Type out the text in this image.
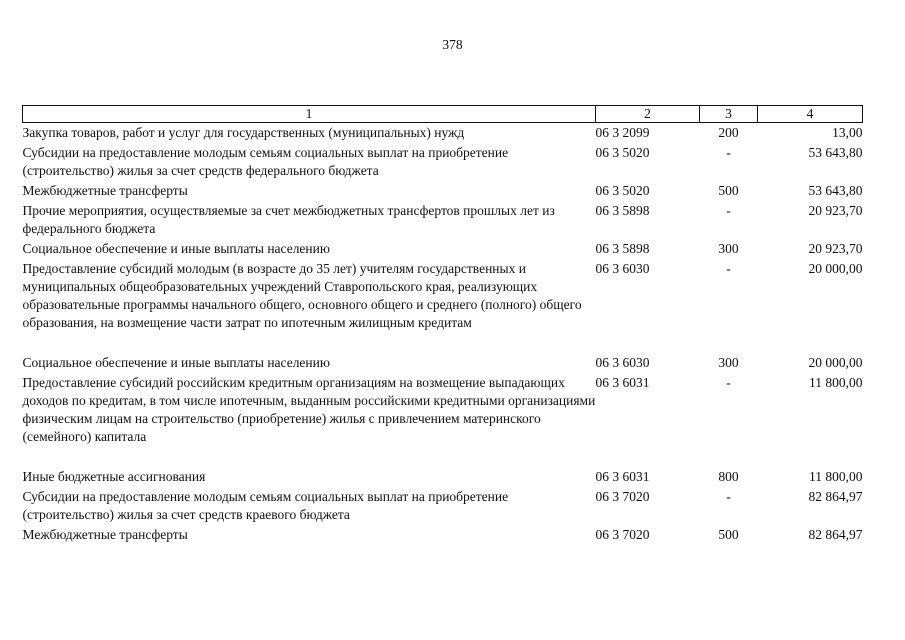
378
1	2	3	4
Закупка товаров, работ и услуг для государственных (муниципальных) нужд	06 3 2099	200	13,00
Субсидии на предоставление молодым семьям социальных выплат на приобретение (строительство) жилья за счет средств федерального бюджета	06 3 5020	-	53 643,80
Межбюджетные трансферты	06 3 5020	500	53 643,80
Прочие мероприятия, осуществляемые за счет межбюджетных трансфертов прошлых лет из федерального бюджета	06 3 5898	-	20 923,70
Социальное обеспечение и иные выплаты населению	06 3 5898	300	20 923,70
Предоставление субсидий молодым (в возрасте до 35 лет) учителям государственных и муниципальных общеобразовательных учреждений Ставропольского края, реализующих образовательные программы начального общего, основного общего и среднего (полного) общего образования, на возмещение части затрат по ипотечным жилищным кредитам	06 3 6030	-	20 000,00

Социальное обеспечение и иные выплаты населению	06 3 6030	300	20 000,00
Предоставление субсидий российским кредитным организациям на возмещение выпадающих доходов по кредитам, в том числе ипотечным, выданным российскими кредитными организациями физическим лицам на строительство (приобретение) жилья с привлечением материнского (семейного) капитала	06 3 6031	-	11 800,00

Иные бюджетные ассигнования	06 3 6031	800	11 800,00
Субсидии на предоставление молодым семьям социальных выплат на приобретение (строительство) жилья за счет средств краевого бюджета	06 3 7020	-	82 864,97
Межбюджетные трансферты	06 3 7020	500	82 864,97
